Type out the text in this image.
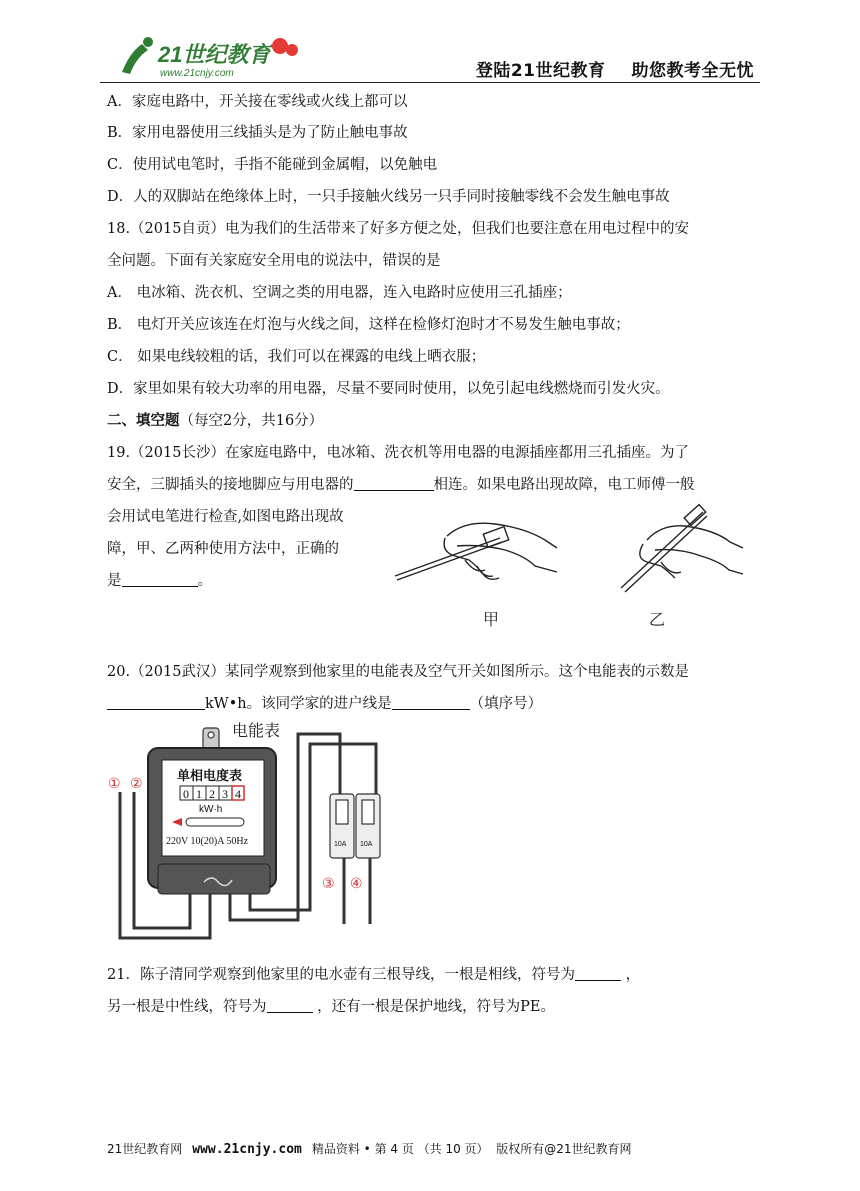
21世纪教育
www.21cnjy.com	登陆21世纪教育 助您教考全无忧
A．家庭电路中，开关接在零线或火线上都可以
B．家用电器使用三线插头是为了防止触电事故
C．使用试电笔时，手指不能碰到金属帽，以免触电
D．人的双脚站在绝缘体上时，一只手接触火线另一只手同时接触零线不会发生触电事故
18.（2015自贡）电为我们的生活带来了好多方便之处，但我们也要注意在用电过程中的安
全问题。下面有关家庭安全用电的说法中，错误的是
A． 电冰箱、洗衣机、空调之类的用电器，连入电路时应使用三孔插座；
B． 电灯开关应该连在灯泡与火线之间，这样在检修灯泡时才不易发生触电事故；
C． 如果电线较粗的话，我们可以在裸露的电线上晒衣服；
D．家里如果有较大功率的用电器，尽量不要同时使用，以免引起电线燃烧而引发火灾。
二、填空题（每空2分，共16分）
19.（2015长沙）在家庭电路中，电冰箱、洗衣机等用电器的电源插座都用三孔插座。为了
安全，三脚插头的接地脚应与用电器的	相连。如果电路出现故障，电工师傅一般
会用试电笔进行检查,如图电路出现故
障，甲、乙两种使用方法中，正确的
是	。
甲	乙
20.（2015武汉）某同学观察到他家里的电能表及空气开关如图所示。这个电能表的示数是
kW•h。该同学家的进户线是	（填序号）
电能表
单相电度表
0 1 2 3 4
kW·h
220V 10(20)A 50Hz	10A 10A
① ②
③ ④
21．陈子清同学观察到他家里的电水壶有三根导线，一根是相线，符号为	，
另一根是中性线，符号为	，还有一根是保护地线，符号为PE。
21世纪教育网 www.21cnjy.com 精品资料 • 第 4 页 （共 10 页） 版权所有@21世纪教育网
